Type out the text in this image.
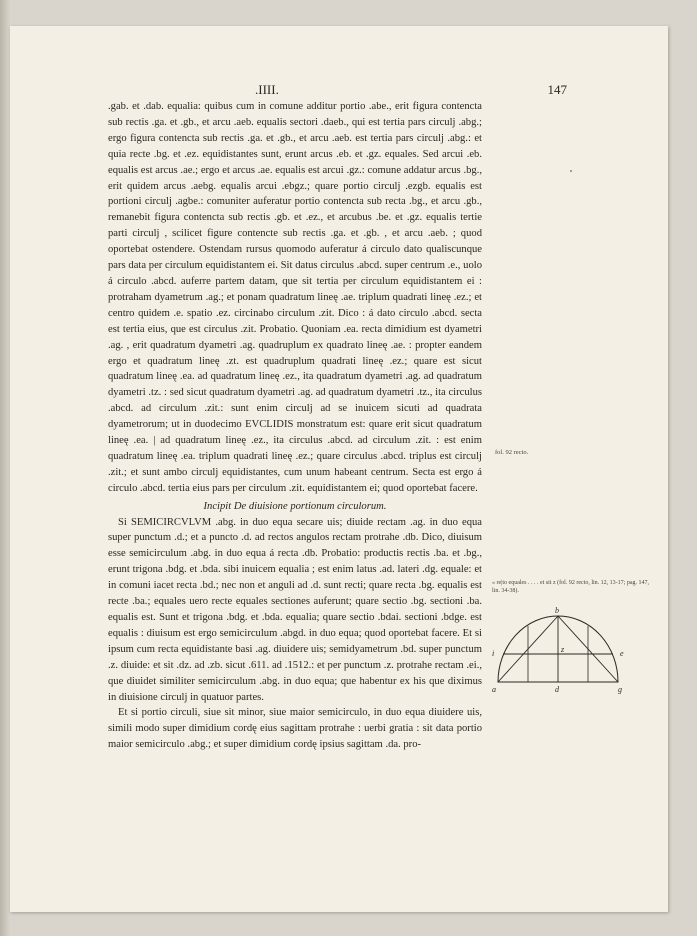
.IIII.	147

.gab. et .dab. equalia: quibus cum in comune additur portio .abe., erit figura contencta sub rectis .ga. et .gb., et arcu .aeb. equalis sectori .daeb., qui est tertia pars circulj .abg.; ergo figura contencta sub rectis .ga. et .gb., et arcu .aeb. est tertia pars circulj .abg.: et quia recte .bg. et .ez. equidistantes sunt, erunt arcus .eb. et .gz. equales. Sed arcui .eb. equalis est arcus .ae.; ergo et arcus .ae. equalis est arcui .gz.: comune addatur arcus .bg., erit quidem arcus .aebg. equalis arcui .ebgz.; quare portio circulj .ezgb. equalis est portioni circulj .agbe.: comuniter auferatur portio contencta sub recta .bg., et arcu .gb., remanebit figura contencta sub rectis .gb. et .ez., et arcubus .be. et .gz. equalis tertie parti circulj , scilicet figure contencte sub rectis .ga. et .gb. , et arcu .aeb. ; quod oportebat ostendere. Ostendam rursus quomodo auferatur á circulo dato qualiscunque pars data per circulum equidistantem ei. Sit datus circulus .abcd. super centrum .e., uolo á circulo .abcd. auferre partem datam, que sit tertia per circulum equidistantem ei : protraham dyametrum .ag.; et ponam quadratum lineę .ae. triplum quadrati lineę .ez.; et centro quidem .e. spatio .ez. circinabo circulum .zit. Dico : á dato circulo .abcd. secta est tertia eius, que est circulus .zit. Probatio. Quoniam .ea. recta dimidium est dyametri .ag. , erit quadratum dyametri .ag. quadruplum ex quadrato lineę .ae. : propter eandem ergo et quadratum lineę .zt. est quadruplum quadrati lineę .ez.; quare est sicut quadratum lineę .ea. ad quadratum lineę .ez., ita quadratum dyametri .ag. ad quadratum dyametri .tz. : sed sicut quadratum dyametri .ag. ad quadratum dyametri .tz., ita circulus .abcd. ad circulum .zit.: sunt enim circulj ad se inuicem sicuti ad quadrata dyametrorum; ut in duodecimo EVCLIDIS monstratum est: quare erit sicut quadratum lineę .ea. | ad quadratum lineę .ez., ita circulus .abcd. ad circulum .zit. : est enim quadratum lineę .ea. triplum quadrati lineę .ez.; quare circulus .abcd. triplus est circulj .zit.; et sunt ambo circulj equidistantes, cum unum habeant centrum. Secta est ergo á circulo .abcd. tertia eius pars per circulum .zit. equidistantem ei; quod oportebat facere.

Incipit De diuisione portionum circulorum.

Si SEMICIRCVLVM .abg. in duo equa secare uis; diuide rectam .ag. in duo equa super punctum .d.; et a puncto .d. ad rectos angulos rectam protrahe .db. Dico, diuisum esse semicirculum .abg. in duo equa á recta .db. Probatio: productis rectis .ba. et .bg., erunt trigona .bdg. et .bda. sibi inuicem equalia ; est enim latus .ad. lateri .dg. equale: et in comuni iacet recta .bd.; nec non et anguli ad .d. sunt recti; quare recta .bg. equalis est recte .ba.; equales uero recte equales sectiones auferunt; quare sectio .bg. sectioni .ba. equalis est. Sunt et trigona .bdg. et .bda. equalia; quare sectio .bdai. sectioni .bdge. est equalis : diuisum est ergo semicirculum .abgd. in duo equa; quod oportebat facere. Et si ipsum cum recta equidistante basi .ag. diuidere uis; semidyametrum .bd. super punctum .z. diuide: et sit .dz. ad .zb. sicut .611. ad .1512.: et per punctum .z. protrahe rectam .ei., que diuidet similiter semicirculum .abg. in duo equa; que habentur ex his que diximus in diuisione circulj in quatuor partes.

Et si portio circuli, siue sit minor, siue maior semicirculo, in duo equa diuidere uis, simili modo super dimidium cordę eius sagittam protrahe : uerbi gratia : sit data portio maior semicirculo .abg.; et super dimidium cordę ipsius sagittam .da. pro-

fol. 92 recto.
« re|to equales . . . . et sit z (fol. 92 recto, lin. 12, 13-17; pag. 147, lin. 34-38).
b
i	z	e
a	d	g
